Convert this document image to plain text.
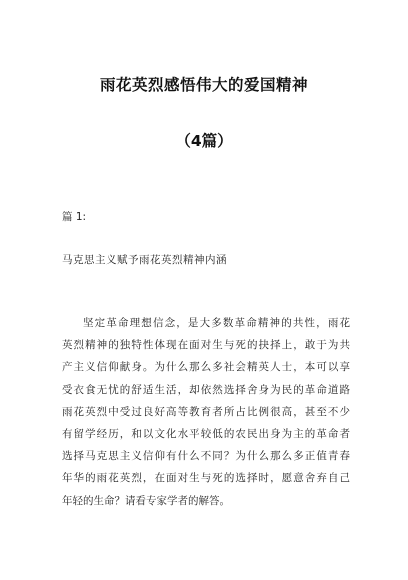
雨花英烈感悟伟大的爱国精神
（4篇）
篇 1:
马克思主义赋予雨花英烈精神内涵
坚定革命理想信念，是大多数革命精神的共性，雨花
英烈精神的独特性体现在面对生与死的抉择上，敢于为共
产主义信仰献身。为什么那么多社会精英人士，本可以享
受衣食无忧的舒适生活，却依然选择舍身为民的革命道路
雨花英烈中受过良好高等教育者所占比例很高，甚至不少
有留学经历，和以文化水平较低的农民出身为主的革命者
选择马克思主义信仰有什么不同？为什么那么多正值青春
年华的雨花英烈，在面对生与死的选择时，愿意舍弃自己
年轻的生命？请看专家学者的解答。
